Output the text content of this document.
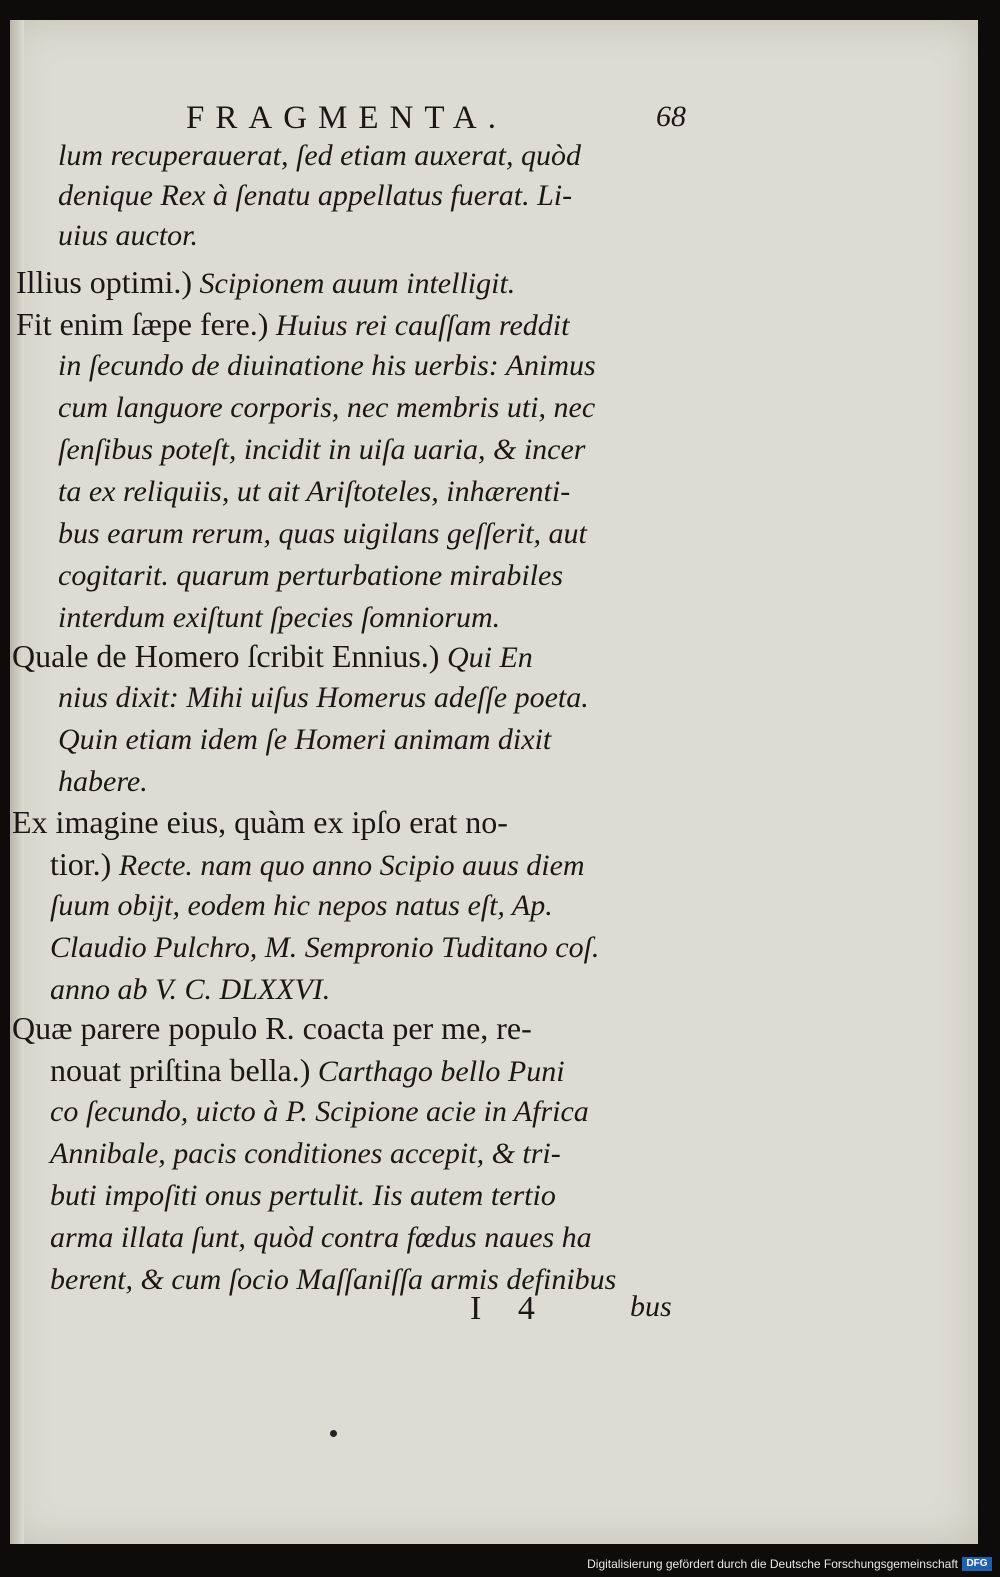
FRAGMENTA.	68
lum recuperauerat, ſed etiam auxerat, quòd
denique Rex à ſenatu appellatus fuerat. Li-
uius auctor.
Illius optimi.) Scipionem auum intelligit.
Fit enim ſæpe fere.) Huius rei cauſſam reddit
in ſecundo de diuinatione his uerbis: Animus
cum languore corporis, nec membris uti, nec
ſenſibus poteſt, incidit in uiſa uaria, & incer
ta ex reliquiis, ut ait Ariſtoteles, inhærenti-
bus earum rerum, quas uigilans geſſerit, aut
cogitarit. quarum perturbatione mirabiles
interdum exiſtunt ſpecies ſomniorum.
Quale de Homero ſcribit Ennius.) Qui En
nius dixit: Mihi uiſus Homerus adeſſe poeta.
Quin etiam idem ſe Homeri animam dixit
habere.
Ex imagine eius, quàm ex ipſo erat no-
tior.) Recte. nam quo anno Scipio auus diem
ſuum obijt, eodem hic nepos natus eſt, Ap.
Claudio Pulchro, M. Sempronio Tuditano coſ.
anno ab V. C. DLXXVI.
Quæ parere populo R. coacta per me, re-
nouat priſtina bella.) Carthago bello Puni
co ſecundo, uicto à P. Scipione acie in Africa
Annibale, pacis conditiones accepit, & tri-
buti impoſiti onus pertulit. Iis autem tertio
arma illata ſunt, quòd contra fœdus naues ha
berent, & cum ſocio Maſſaniſſa armis definibus
I 4	bus
Digitalisierung gefördert durch die Deutsche Forschungsgemeinschaft DFG
